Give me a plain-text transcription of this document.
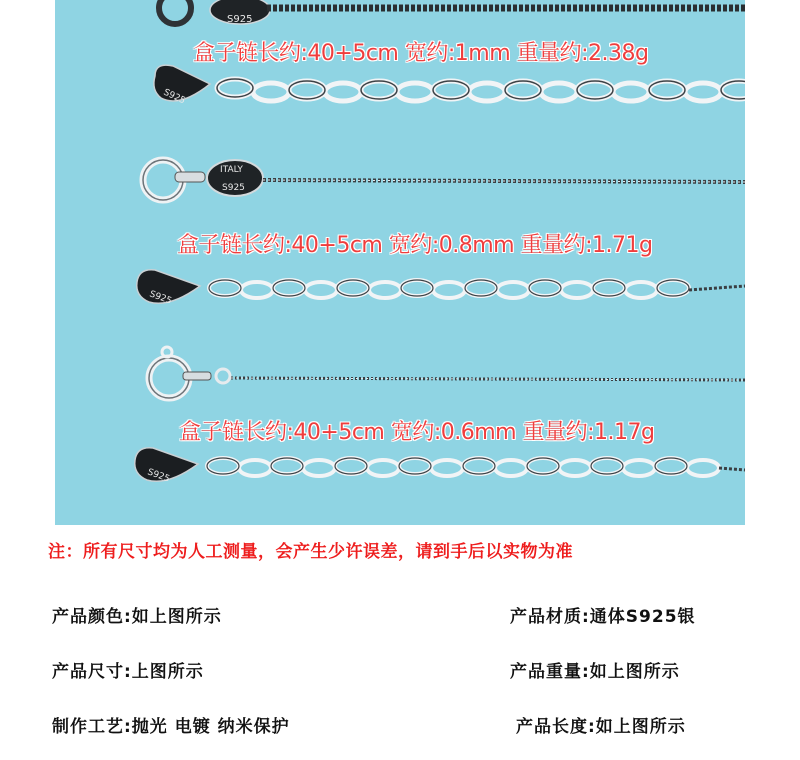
S925
S925
ITALY
S925
S925
S925
盒子链长约:40+5cm 宽约:1mm 重量约:2.38g
盒子链长约:40+5cm 宽约:0.8mm 重量约:1.71g
盒子链长约:40+5cm 宽约:0.6mm 重量约:1.17g
注：所有尺寸均为人工测量，会产生少许误差，请到手后以实物为准
产品颜色:如上图所示
产品尺寸:上图所示
制作工艺:抛光 电镀 纳米保护
产品材质:通体S925银
产品重量:如上图所示
产品长度:如上图所示
